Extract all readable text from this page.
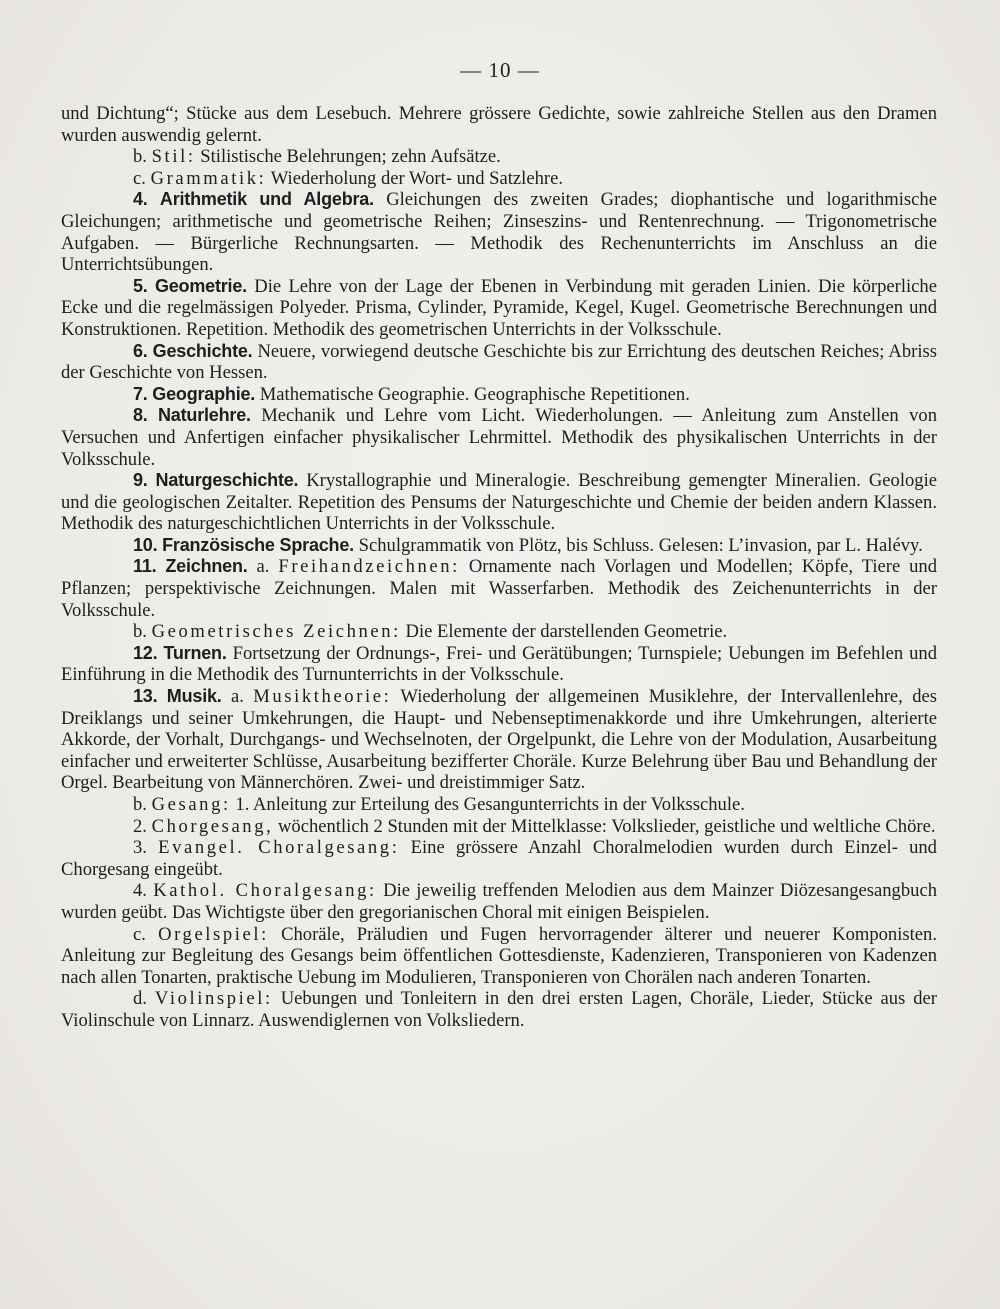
— 10 —

und Dichtung“; Stücke aus dem Lesebuch. Mehrere grössere Gedichte, sowie zahlreiche Stellen aus den Dramen wurden auswendig gelernt.

b. Stil: Stilistische Belehrungen; zehn Aufsätze.

c. Grammatik: Wiederholung der Wort- und Satzlehre.

4. Arithmetik und Algebra. Gleichungen des zweiten Grades; diophantische und logarithmische Gleichungen; arithmetische und geometrische Reihen; Zinseszins- und Rentenrechnung. — Trigonometrische Aufgaben. — Bürgerliche Rechnungsarten. — Methodik des Rechenunterrichts im Anschluss an die Unterrichtsübungen.

5. Geometrie. Die Lehre von der Lage der Ebenen in Verbindung mit geraden Linien. Die körperliche Ecke und die regelmässigen Polyeder. Prisma, Cylinder, Pyramide, Kegel, Kugel. Geometrische Berechnungen und Konstruktionen. Repetition. Methodik des geometrischen Unterrichts in der Volksschule.

6. Geschichte. Neuere, vorwiegend deutsche Geschichte bis zur Errichtung des deutschen Reiches; Abriss der Geschichte von Hessen.

7. Geographie. Mathematische Geographie. Geographische Repetitionen.

8. Naturlehre. Mechanik und Lehre vom Licht. Wiederholungen. — Anleitung zum Anstellen von Versuchen und Anfertigen einfacher physikalischer Lehrmittel. Methodik des physikalischen Unterrichts in der Volksschule.

9. Naturgeschichte. Krystallographie und Mineralogie. Beschreibung gemengter Mineralien. Geologie und die geologischen Zeitalter. Repetition des Pensums der Naturgeschichte und Chemie der beiden andern Klassen. Methodik des naturgeschichtlichen Unterrichts in der Volksschule.

10. Französische Sprache. Schulgrammatik von Plötz, bis Schluss. Gelesen: L’invasion, par L. Halévy.

11. Zeichnen. a. Freihandzeichnen: Ornamente nach Vorlagen und Modellen; Köpfe, Tiere und Pflanzen; perspektivische Zeichnungen. Malen mit Wasserfarben. Methodik des Zeichenunterrichts in der Volksschule.

b. Geometrisches Zeichnen: Die Elemente der darstellenden Geometrie.

12. Turnen. Fortsetzung der Ordnungs-, Frei- und Gerätübungen; Turnspiele; Uebungen im Befehlen und Einführung in die Methodik des Turnunterrichts in der Volksschule.

13. Musik. a. Musiktheorie: Wiederholung der allgemeinen Musiklehre, der Intervallenlehre, des Dreiklangs und seiner Umkehrungen, die Haupt- und Nebenseptimenakkorde und ihre Umkehrungen, alterierte Akkorde, der Vorhalt, Durchgangs- und Wechselnoten, der Orgelpunkt, die Lehre von der Modulation, Ausarbeitung einfacher und erweiterter Schlüsse, Ausarbeitung bezifferter Choräle. Kurze Belehrung über Bau und Behandlung der Orgel. Bearbeitung von Männerchören. Zwei- und dreistimmiger Satz.

b. Gesang: 1. Anleitung zur Erteilung des Gesangunterrichts in der Volksschule.

2. Chorgesang, wöchentlich 2 Stunden mit der Mittelklasse: Volkslieder, geistliche und weltliche Chöre.

3. Evangel. Choralgesang: Eine grössere Anzahl Choralmelodien wurden durch Einzel- und Chorgesang eingeübt.

4. Kathol. Choralgesang: Die jeweilig treffenden Melodien aus dem Mainzer Diözesangesangbuch wurden geübt. Das Wichtigste über den gregorianischen Choral mit einigen Beispielen.

c. Orgelspiel: Choräle, Präludien und Fugen hervorragender älterer und neuerer Komponisten. Anleitung zur Begleitung des Gesangs beim öffentlichen Gottesdienste, Kadenzieren, Transponieren von Kadenzen nach allen Tonarten, praktische Uebung im Modulieren, Transponieren von Chorälen nach anderen Tonarten.

d. Violinspiel: Uebungen und Tonleitern in den drei ersten Lagen, Choräle, Lieder, Stücke aus der Violinschule von Linnarz. Auswendiglernen von Volksliedern.
